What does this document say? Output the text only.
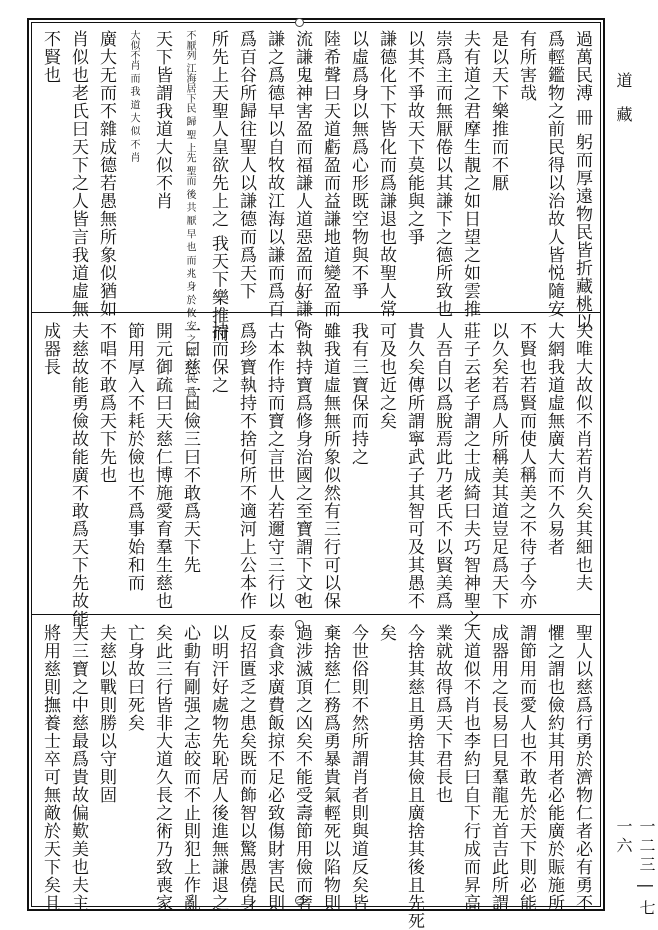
過萬民溥 冊 躬而厚遠物民皆折藏桃以
爲輕鑑物之前民得以治故人皆悦隨安
有所害哉
是以天下樂推而不厭
夫有道之君摩生靚之如日望之如雲推
崇爲主而無厭倦以其謙下之德所致也
以其不爭故天下莫能與之爭
謙德化下下皆化而爲謙退也故聖人常
以虛爲身以無爲心形既空物與不爭
陸希聲曰天道虧盈而益謙地道變盈而
流謙鬼神害盈而福謙人道惡盈而好謙
謙之爲德早以自牧故江海以謙而爲百
爲百谷所歸往聖人以謙德而爲天下
所先上天聖人皇欲先上之 我天下樂推而
不厭列 江海居下民 歸 聖 上先 聖而 後 共 厭 早 也 而 兆 身 於 攸 安 之 常 以 民 爲 其
天下皆謂我道大似不肖
大似不肖 而 我 道 大 似 不 肖
廣大无而不雜成德若愚無所象似猶如
肖似也老氏曰天下之人皆言我道虛無
不賢也
夫唯大故似不肖若肖久矣其細也夫
大網我道虛無廣大而不久易者
不賢也若賢而使人稱美之不待子今亦
以久矣若爲人所稱美其道豈足爲天下
莊子云老子謂之士成綺曰夫巧智神聖之
人吾自以爲脫焉此乃老氏不以賢美爲
貴久矣傳所謂寧武子其智可及其愚不
可及也近之矣
我有三寶保而持之
雖我道虛無無所象似然有三行可以保
倚執持寶爲修身治國之至寶謂下文也
古本作持而寶之言世人若邇守三行以
爲珍寶執持不捨何所不適河上公本作
持而保之
一曰慈二曰儉三曰不敢爲天下先
開元御疏曰天慈仁博施愛育羣生慈也
節用厚入不耗於儉也不爲事始和而
不唱不敢爲天下先也
夫慈故能勇儉故能廣不敢爲天下先故能
成器長
聖人以慈爲行勇於濟物仁者必有勇不
懼之謂也儉約其用者必能廣於賑施所
謂節用而愛人也不敢先於天下則必能
成器用之長易曰見羣龍无首吉此所謂
大道似不肖也李約曰自下行成而昇高
業就故得爲天下君長也
今捨其慈且勇捨其儉且廣捨其後且先死
矣
今世俗則不然所謂肖者則與道反矣皆
棄捨慈仁務爲勇暴貴氣輕死以陷物則
過涉滅頂之凶矣不能受壽節用儉而奢
泰貪求廣費飯掠不足必致傷財害民則
反招匱乏之患矣既而飾智以驚愚僥身
以明汗好處物先恥居人後進無謙退之
心動有剛强之志皎而不止則犯上作亂
矣此三行皆非大道久長之術乃致喪家
亡身故曰死矣
夫慈以戰則勝以守則固
夫三寶之中慈最爲貴故偏歎美也夫主
將用慈則撫養士卒可無敵於天下矣且
道藏
一二三 | 七一六
